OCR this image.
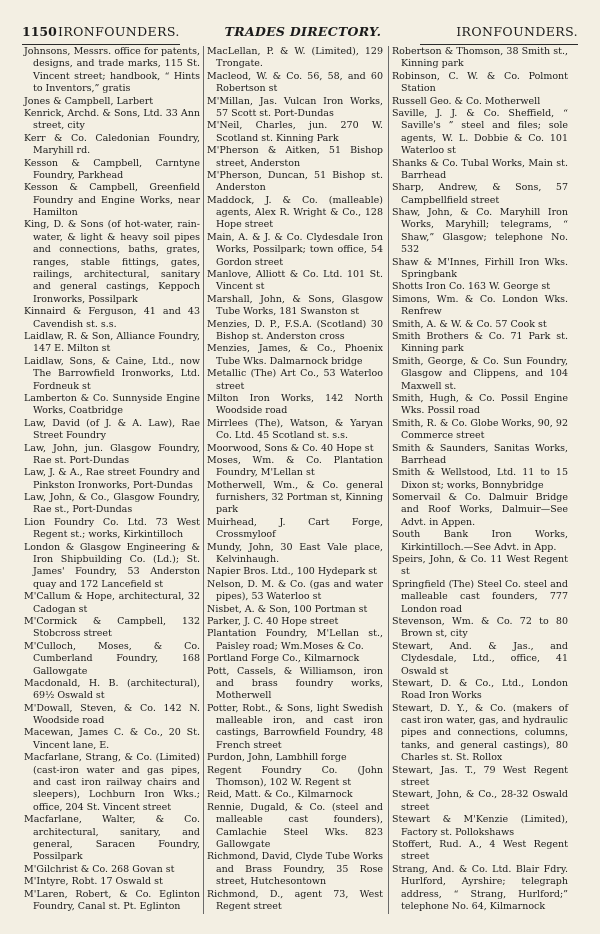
1150 IRONFOUNDERS.	TRADES DIRECTORY.	IRONFOUNDERS.

Johnsons, Messrs. office for patents, designs, and trade marks, 115 St. Vincent street; handbook, “ Hints to Inventors,” gratis

Jones & Campbell, Larbert

Kenrick, Archd. & Sons, Ltd. 33 Ann street, city

Kerr & Co. Caledonian Foundry, Maryhill rd.

Kesson & Campbell, Carntyne Foundry, Parkhead

Kesson & Campbell, Greenfield Foundry and Engine Works, near Hamilton

King, D. & Sons (of hot-water, rain-water, & light & heavy soil pipes and connections, baths, grates, ranges, stable fittings, gates, railings, architectural, sanitary and general castings, Keppoch Ironworks, Possilpark

Kinnaird & Ferguson, 41 and 43 Cavendish st. s.s.

Laidlaw, R. & Son, Alliance Foundry, 147 E. Milton st

Laidlaw, Sons, & Caine, Ltd., now The Barrowfield Ironworks, Ltd. Fordneuk st

Lamberton & Co. Sunnyside Engine Works, Coatbridge

Law, David (of J. & A. Law), Rae Street Foundry

Law, John, jun. Glasgow Foundry, Rae st. Port-Dundas

Law, J. & A., Rae street Foundry and Pinkston Ironworks, Port-Dundas

Law, John, & Co., Glasgow Foundry, Rae st., Port-Dundas

Lion Foundry Co. Ltd. 73 West Regent st.; works, Kirkintilloch

London & Glasgow Engineering & Iron Shipbuilding Co. (Ld.); St. James' Foundry, 53 Anderston quay and 172 Lancefield st

M'Callum & Hope, architectural, 32 Cadogan st

M'Cormick & Campbell, 132 Stobcross street

M'Culloch, Moses, & Co. Cumberland Foundry, 168 Gallowgate

Macdonald, H. B. (architectural), 69½ Oswald st

M'Dowall, Steven, & Co. 142 N. Woodside road

Macewan, James C. & Co., 20 St. Vincent lane, E.

Macfarlane, Strang, & Co. (Limited) (cast-iron water and gas pipes, and cast iron railway chairs and sleepers), Lochburn Iron Wks.; office, 204 St. Vincent street

Macfarlane, Walter, & Co. architectural, sanitary, and general, Saracen Foundry, Possilpark

M'Gilchrist & Co. 268 Govan st

M'Intyre, Robt. 17 Oswald st

M'Laren, Robert, & Co. Eglinton Foundry, Canal st. Pt. Eglinton

MacLellan, P. & W. (Limited), 129 Trongate.

Macleod, W. & Co. 56, 58, and 60 Robertson st

M'Millan, Jas. Vulcan Iron Works, 57 Scott st. Port-Dundas

M'Neil, Charles, jun. 270 W. Scotland st. Kinning Park

M'Pherson & Aitken, 51 Bishop street, Anderston

M'Pherson, Duncan, 51 Bishop st. Anderston

Maddock, J. & Co. (malleable) agents, Alex R. Wright & Co., 128 Hope street

Main, A. & J. & Co. Clydesdale Iron Works, Possilpark; town office, 54 Gordon street

Manlove, Alliott & Co. Ltd. 101 St. Vincent st

Marshall, John, & Sons, Glasgow Tube Works, 181 Swanston st

Menzies, D. P., F.S.A. (Scotland) 30 Bishop st. Anderston cross

Menzies, James, & Co., Phoenix Tube Wks. Dalmarnock bridge

Metallic (The) Art Co., 53 Waterloo street

Milton Iron Works, 142 North Woodside road

Mirrlees (The), Watson, & Yaryan Co. Ltd. 45 Scotland st. s.s.

Moorwood, Sons & Co. 40 Hope st

Moses, Wm. & Co. Plantation Foundry, M'Lellan st

Motherwell, Wm., & Co. general furnishers, 32 Portman st, Kinning park

Muirhead, J. Cart Forge, Crossmyloof

Mundy, John, 30 East Vale place, Kelvinhaugh.

Napier Bros. Ltd., 100 Hydepark st

Nelson, D. M. & Co. (gas and water pipes), 53 Waterloo st

Nisbet, A. & Son, 100 Portman st

Parker, J. C. 40 Hope street

Plantation Foundry, M'Lellan st., Paisley road; Wm.Moses & Co.

Portland Forge Co., Kilmarnock

Pott, Cassels, & Williamson, iron and brass foundry works, Motherwell

Potter, Robt., & Sons, light Swedish malleable iron, and cast iron castings, Barrowfield Foundry, 48 French street

Purdon, John, Lambhill forge

Regent Foundry Co. (John Thomson), 102 W. Regent st

Reid, Matt. & Co., Kilmarnock

Rennie, Dugald, & Co. (steel and malleable cast founders), Camlachie Steel Wks. 823 Gallowgate

Richmond, David, Clyde Tube Works and Brass Foundry, 35 Rose street, Hutchesontown

Richmond, D., agent 73, West Regent street

Robertson & Thomson, 38 Smith st., Kinning park

Robinson, C. W. & Co. Polmont Station

Russell Geo. & Co. Motherwell

Saville, J. J. & Co. Sheffield, “ Saville's ” steel and files; sole agents, W. L. Dobbie & Co. 101 Waterloo st

Shanks & Co. Tubal Works, Main st. Barrhead

Sharp, Andrew, & Sons, 57 Campbellfield street

Shaw, John, & Co. Maryhill Iron Works, Maryhill; telegrams, “ Shaw,” Glasgow; telephone No. 532

Shaw & M'Innes, Firhill Iron Wks. Springbank

Shotts Iron Co. 163 W. George st

Simons, Wm. & Co. London Wks. Renfrew

Smith, A. & W. & Co. 57 Cook st

Smith Brothers & Co. 71 Park st. Kinning park

Smith, George, & Co. Sun Foundry, Glasgow and Clippens, and 104 Maxwell st.

Smith, Hugh, & Co. Possil Engine Wks. Possil road

Smith, R. & Co. Globe Works, 90, 92 Commerce street

Smith & Saunders, Sanitas Works, Barrhead

Smith & Wellstood, Ltd. 11 to 15 Dixon st; works, Bonnybridge

Somervail & Co. Dalmuir Bridge and Roof Works, Dalmuir—See Advt. in Appen.

South Bank Iron Works, Kirkintilloch.—See Advt. in App.

Speirs, John, & Co. 11 West Regent st

Springfield (The) Steel Co. steel and malleable cast founders, 777 London road

Stevenson, Wm. & Co. 72 to 80 Brown st, city

Stewart, And. & Jas., and Clydesdale, Ltd., office, 41 Oswald st

Stewart, D. & Co., Ltd., London Road Iron Works

Stewart, D. Y., & Co. (makers of cast iron water, gas, and hydraulic pipes and connections, columns, tanks, and general castings), 80 Charles st. St. Rollox

Stewart, Jas. T., 79 West Regent street

Stewart, John, & Co., 28-32 Oswald street

Stewart & M'Kenzie (Limited), Factory st. Pollokshaws

Stoffert, Rud. A., 4 West Regent street

Strang, And. & Co. Ltd. Blair Fdry. Hurlford, Ayrshire; telegraph address, “ Strang, Hurlford;” telephone No. 64, Kilmarnock
